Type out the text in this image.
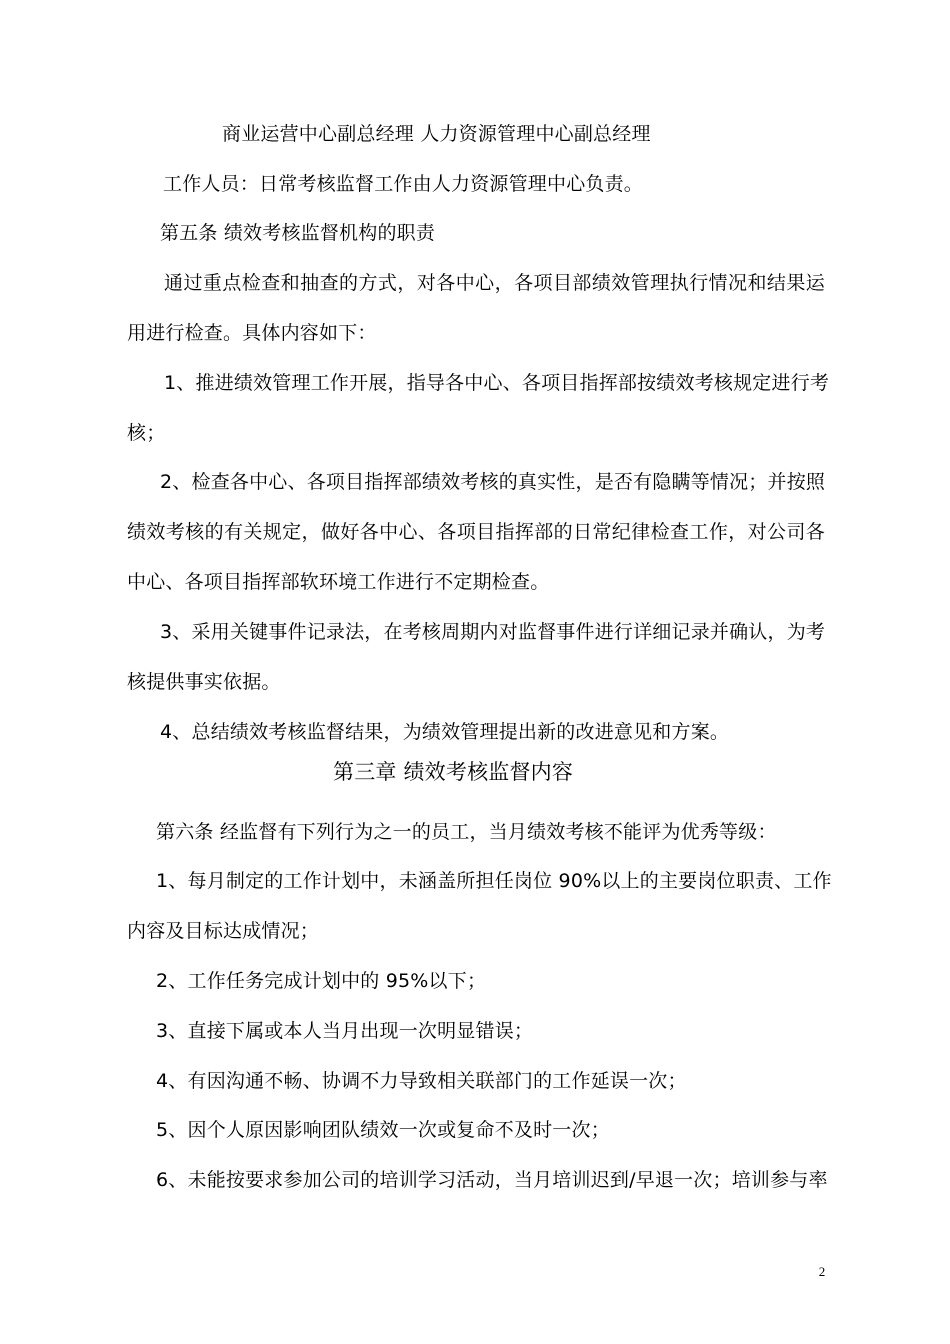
商业运营中心副总经理 人力资源管理中心副总经理
工作人员：日常考核监督工作由人力资源管理中心负责。
第五条 绩效考核监督机构的职责
通过重点检查和抽查的方式，对各中心，各项目部绩效管理执行情况和结果运
用进行检查。具体内容如下：
1、推进绩效管理工作开展，指导各中心、各项目指挥部按绩效考核规定进行考
核；
2、检查各中心、各项目指挥部绩效考核的真实性，是否有隐瞒等情况；并按照
绩效考核的有关规定，做好各中心、各项目指挥部的日常纪律检查工作，对公司各
中心、各项目指挥部软环境工作进行不定期检查。
3、采用关键事件记录法，在考核周期内对监督事件进行详细记录并确认，为考
核提供事实依据。
4、总结绩效考核监督结果，为绩效管理提出新的改进意见和方案。
第三章 绩效考核监督内容
第六条 经监督有下列行为之一的员工，当月绩效考核不能评为优秀等级：
1、每月制定的工作计划中，未涵盖所担任岗位 90%以上的主要岗位职责、工作
内容及目标达成情况；
2、工作任务完成计划中的 95%以下；
3、直接下属或本人当月出现一次明显错误；
4、有因沟通不畅、协调不力导致相关联部门的工作延误一次；
5、因个人原因影响团队绩效一次或复命不及时一次；
6、未能按要求参加公司的培训学习活动，当月培训迟到/早退一次；培训参与率
2
